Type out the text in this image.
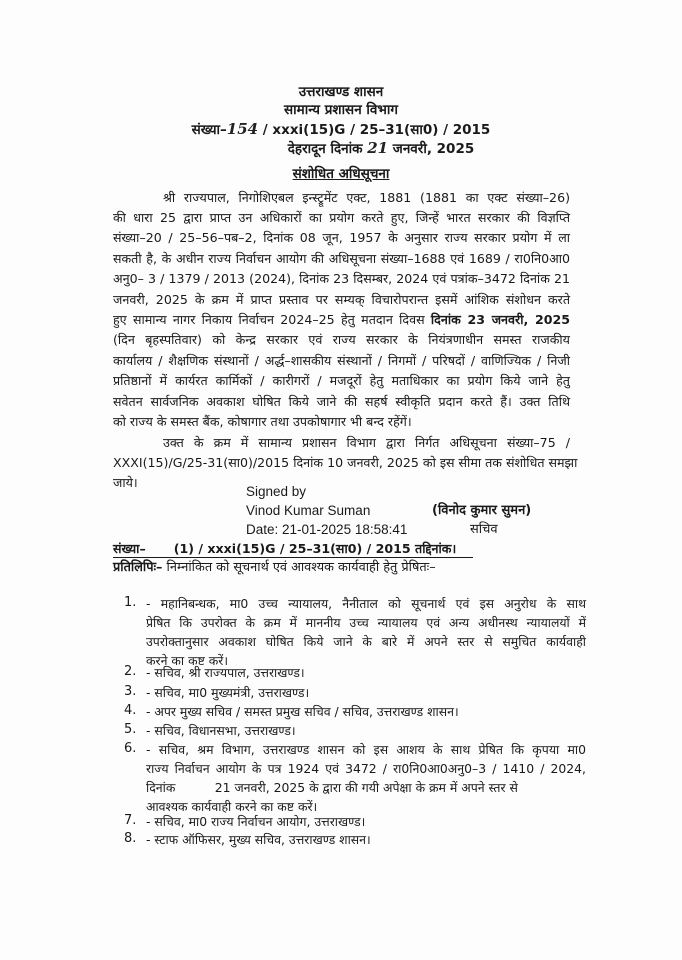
उत्तराखण्ड शासन
सामान्य प्रशासन विभाग
संख्या–154 / xxxi(15)G / 25–31(सा0) / 2015
देहरादून दिनांक 21 जनवरी, 2025
संशोधित अधिसूचना
श्री राज्यपाल, निगोशिएबल इन्स्ट्रूमेंट एक्ट, 1881 (1881 का एक्ट संख्या–26)
की धारा 25 द्वारा प्राप्त उन अधिकारों का प्रयोग करते हुए, जिन्हें भारत सरकार की विज्ञप्ति
संख्या–20 / 25–56–पब–2, दिनांक 08 जून, 1957 के अनुसार राज्य सरकार प्रयोग में ला
सकती है, के अधीन राज्य निर्वाचन आयोग की अधिसूचना संख्या–1688 एवं 1689 / रा0नि0आ0
अनु0– 3 / 1379 / 2013 (2024), दिनांक 23 दिसम्बर, 2024 एवं पत्रांक–3472 दिनांक 21
जनवरी, 2025 के क्रम में प्राप्त प्रस्ताव पर सम्यक् विचारोपरान्त इसमें आंशिक संशोधन करते
हुए सामान्य नागर निकाय निर्वाचन 2024–25 हेतु मतदान दिवस दिनांक 23 जनवरी, 2025
(दिन बृहस्पतिवार) को केन्द्र सरकार एवं राज्य सरकार के नियंत्रणाधीन समस्त राजकीय
कार्यालय / शैक्षणिक संस्थानों / अर्द्ध–शासकीय संस्थानों / निगमों / परिषदों / वाणिज्यिक / निजी
प्रतिष्ठानों में कार्यरत कार्मिकों / कारीगरों / मजदूरों हेतु मताधिकार का प्रयोग किये जाने हेतु
सवेतन सार्वजनिक अवकाश घोषित किये जाने की सहर्ष स्वीकृति प्रदान करते हैं। उक्त तिथि
को राज्य के समस्त बैंक, कोषागार तथा उपकोषागार भी बन्द रहेंगें।
उक्त के क्रम में सामान्य प्रशासन विभाग द्वारा निर्गत अधिसूचना संख्या–75 /
XXXI(15)/G/25-31(सा0)/2015 दिनांक 10 जनवरी, 2025 को इस सीमा तक संशोधित समझा
जाये।
Signed by
Vinod Kumar Suman
Date: 21-01-2025 18:58:41
(विनोद कुमार सुमन)
सचिव
संख्या– (1) / xxxi(15)G / 25–31(सा0) / 2015 तद्दिनांक।
प्रतिलिपिः– निम्नांकित को सूचनार्थ एवं आवश्यक कार्यवाही हेतु प्रेषितः–
1. - महानिबन्धक, मा0 उच्च न्यायालय, नैनीताल को सूचनार्थ एवं इस अनुरोध के साथ
प्रेषित कि उपरोक्त के क्रम में माननीय उच्च न्यायालय एवं अन्य अधीनस्थ न्यायालयों में
उपरोक्तानुसार अवकाश घोषित किये जाने के बारे में अपने स्तर से समुचित कार्यवाही
करने का कष्ट करें।
2. - सचिव, श्री राज्यपाल, उत्तराखण्ड।
3. - सचिव, मा0 मुख्यमंत्री, उत्तराखण्ड।
4. - अपर मुख्य सचिव / समस्त प्रमुख सचिव / सचिव, उत्तराखण्ड शासन।
5. - सचिव, विधानसभा, उत्तराखण्ड।
6. - सचिव, श्रम विभाग, उत्तराखण्ड शासन को इस आशय के साथ प्रेषित कि कृपया मा0
राज्य निर्वाचन आयोग के पत्र 1924 एवं 3472 / रा0नि0आ0अनु0–3 / 1410 / 2024,
दिनांक          21 जनवरी, 2025 के द्वारा की गयी अपेक्षा के क्रम में अपने स्तर से
आवश्यक कार्यवाही करने का कष्ट करें।
7. - सचिव, मा0 राज्य निर्वाचन आयोग, उत्तराखण्ड।
8. - स्टाफ ऑफिसर, मुख्य सचिव, उत्तराखण्ड शासन।
